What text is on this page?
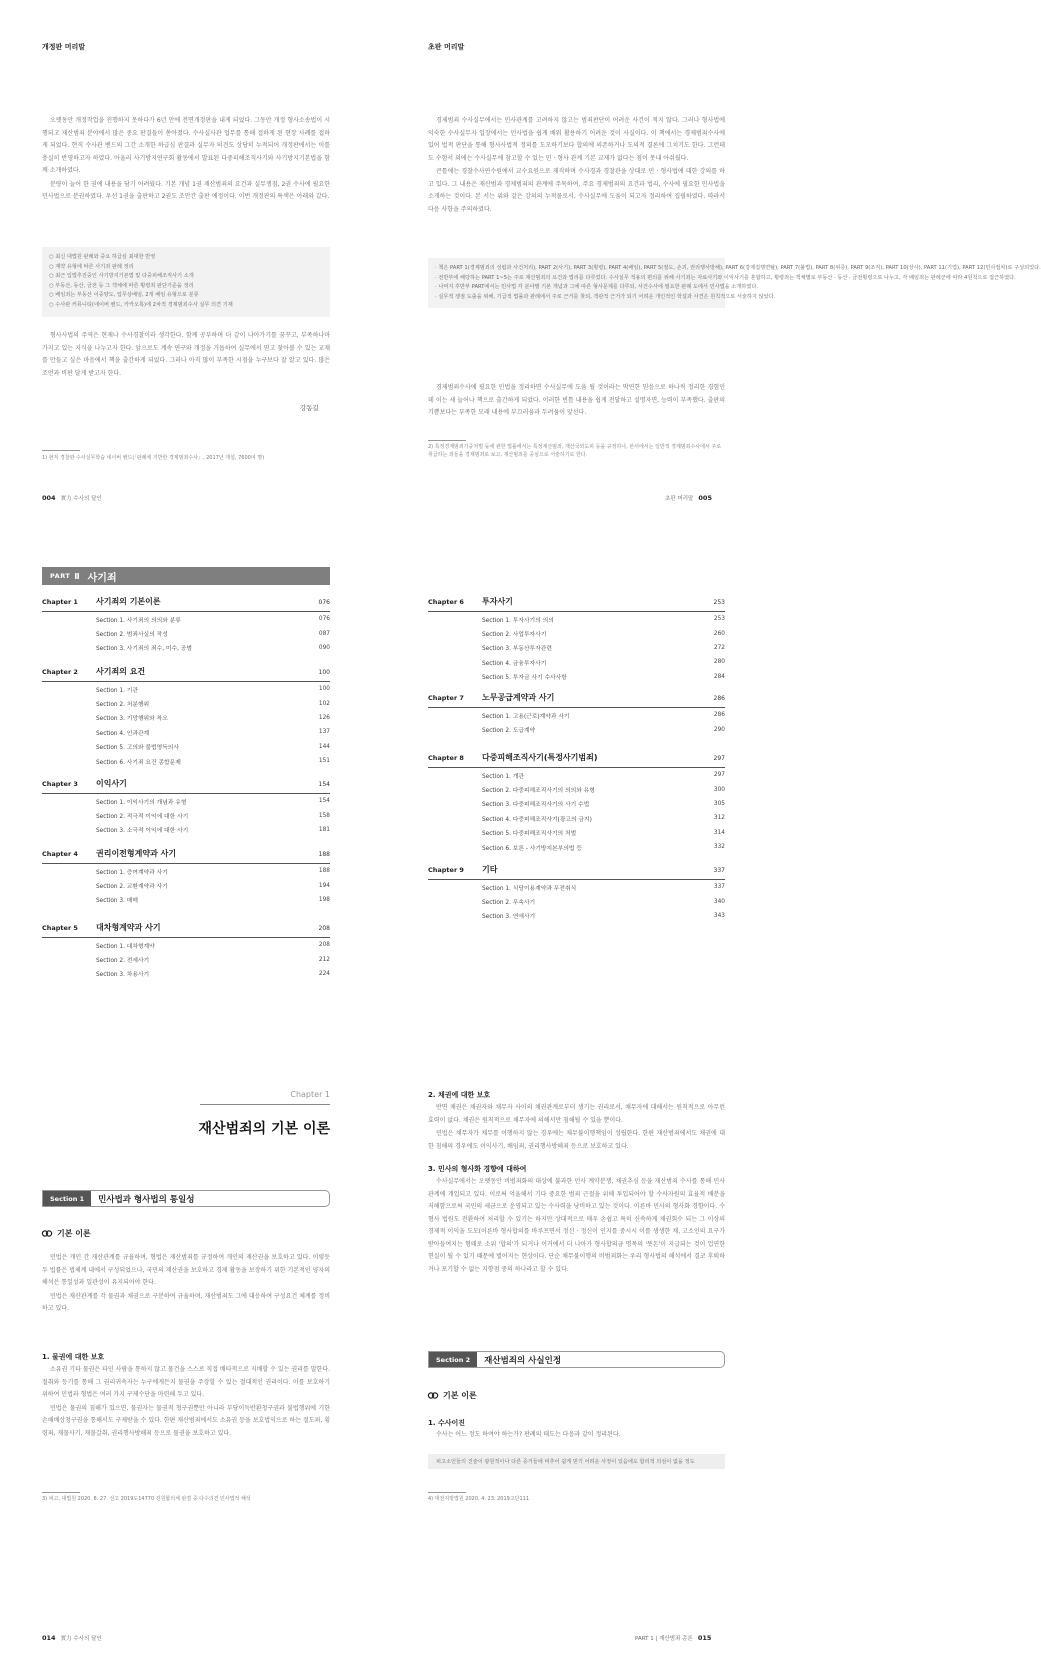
개정판 머리말

오랫동안 개정작업을 진행하지 못하다가 6년 만에 전면개정판을 내게 되었다. 그동안 개정 형사소송법이 시행되고 재산범죄 분야에서 많은 중요 판결들이 쏟아졌다. 수사실사관 업무를 통해 접하게 된 현장 사례를 접하게 되었다. 현직 수사관 밴드의 그간 소개한 하급심 판결과 실무자 의견도 상당히 누적되어 개정판에서는 이를 충실히 반영하고자 하였다. 아울러 사기방지연구회 활동에서 발표된 다중피해조직사기와 사기방지기본법을 함께 소개하였다.

분량이 늘어 한 권에 내용을 담기 어려웠다. 기본 개념 1권 재산범죄의 요건과 실무쟁점, 2권 수사에 필요한 민사법으로 분권하였다. 우선 1권을 출판하고 2권도 조만간 출판 예정이다. 이번 개정판의 특색은 아래와 같다.

○ 최신 대법원 판례와 중요 하급심 최대한 반영
○ 계약 유형에 따른 사기죄 판례 정리
○ 최근 입법추진중인 사기방지기본법 및 다중피해조직사기 소개
○ 부동산, 동산, 금전 등 그 객체에 따른 횡령죄 판단기준을 정리
○ 배임죄는 부동산 이중양도, 업무상배임, 2개 배임 유형으로 분류
○ 수사관 커뮤니티(네이버 밴드, 카카오톡)에 2차적 경제범죄수사 실무 의견 기재

형사사법의 주역은 현재나 수사경찰이라 생각한다. 함께 공부하며 더 같이 나아가기를 꿈꾸고, 부족하나마 가지고 있는 지식을 나누고자 한다. 앞으로도 계속 연구와 개정을 거듭하여 실무에서 믿고 찾아볼 수 있는 교재를 만들고 싶은 마음에서 책을 출간하게 되었다. 그러나 아직 많이 부족한 시점을 누구보다 잘 알고 있다. 많은 조언과 비판 달게 받고자 한다.

강동길
1) 현직 경찰관 수사실무학습 네이버 밴드(「판례에 기반한 경제범죄수사」, 2017년 개설, 7600여 명)
004 實力 수사의 달인
초판 머리말

경제범죄 수사실무에서는 민사관계를 고려하지 않고는 범죄판단이 어려운 사건이 적지 않다. 그러나 형사법에 익숙한 수사실무자 입장에서는 민사법을 쉽게 배워 활용하기 어려운 것이 사실이다. 이 책에서는 경제범죄수사에 있어 법적 판단을 통해 형사사법적 정의를 도모하기보다 합의에 의존하거나 도의적 결론에 그치기도 한다. 그런데도 수험서 외에는 수사실무에 참고할 수 있는 민 · 형사 관계 기본 교재가 없다는 점이 못내 아쉬웠다.

큰틀에는 경찰수사연수원에서 교수요원으로 재직하며 수사경과 경찰관을 상대로 민 · 형사법에 대한 강의를 하고 있다. 그 내용은 재산범과 경제범죄의 관계에 주목하여, 주요 경제범죄의 요건과 법리, 수사에 필요한 민사법을 소개하는 것이다. 본 서는 위와 같은 강의의 누적물로서, 수사실무에 도움이 되고자 정리하여 집필하였다. 따라서 다음 사항을 주의하였다.

· 책은 PART 1(경제범죄의 성립과 사건처리), PART 2(사기), PART 3(횡령), PART 4(배임), PART 5(절도, 손괴, 권리행사방해), PART 6(강제집행면탈), PART 7(불법), PART 8(위증), PART 9(조직), PART 10(상사), PART 11(기업), PART 12(민사절차)로 구성되었다.
· 전반부에 해당하는 PART 1~5는 주로 재산범죄의 요건과 법리를 다루었다. 수사실무 적용의 편의를 위해 사기죄는 자료사기와 이익사기를 혼합하고, 횡령죄는 객체별로 부동산 · 동산 · 금전횡령으로 나누고, 각 배임죄는 판례군에 따라 4원칙으로 접근하였다.
· 나머지 후반부 PART에서는 민사법 각 분야별 기본 개념과 그에 따른 형사문제를 다루되, 사건수사에 필요한 판례 도에서 민사법을 소개하였다.
· 실무적 쟁점 도출을 위해, 기급적 법률과 판례에서 주로 근거를 찾되, 객관적 근거가 되기 어려운 개인적인 학설과 사견은 원칙적으로 서술하지 않았다.

경제범죄수사에 필요한 민법을 정리하면 수사실무에 도움 될 것이라는 막연한 믿음으로 하나씩 정리한 경험인데 이는 세 늘어나 책으로 출간하게 되었다. 이러한 빈틈 내용을 쉽게 전달하고 설명자면, 능력이 부족했다. 출판의 기쁨보다는 부족한 모래 내용에 부끄러움과 두려움이 앞선다.

2) 특정경제범죄가중처벌 등에 관한 법률에서는 특정재산범죄, 재산국외도피 등을 규정하나, 본서에서는 일반적 경제범죄수사에서 주로 취급하는 죄들을 경제범죄로 보고, 재산범죄를 중심으로 서술하기로 한다.
초판 머리말 005
PART Ⅱ 사기죄
Chapter 1	사기죄의 기본이론	076
Section 1. 사기죄의 의의와 분류	076
Section 2. 범죄사실의 작성	087
Section 3. 사기죄의 죄수, 미수, 공범	090
Chapter 2	사기죄의 요건	100
Section 1. 기관	100
Section 2. 처분행위	102
Section 3. 기망행위와 착오	126
Section 4. 인과관계	137
Section 5. 고의와 불법영득의사	144
Section 6. 사기죄 요건 종합문제	151
Chapter 3	이익사기	154
Section 1. 이익사기의 개념과 유형	154
Section 2. 적극적 이익에 대한 사기	158
Section 3. 소극적 이익에 대한 사기	181
Chapter 4	권리이전형계약과 사기	188
Section 1. 증여계약과 사기	188
Section 2. 교환계약과 사기	194
Section 3. 매매	198
Chapter 5	대차형계약과 사기	208
Section 1. 대차형계약	208
Section 2. 전세사기	212
Section 3. 차용사기	224
Chapter 6	투자사기	253
Section 1. 투자사기의 의의	253
Section 2. 사업투자사기	260
Section 3. 부동산투자관련	272
Section 4. 금융투자사기	280
Section 5. 투자금 사기 수사사항	284
Chapter 7	노무공급계약과 사기	286
Section 1. 고용(근로)계약과 사기	286
Section 2. 도급계약	290
Chapter 8	다중피해조직사기(특정사기범죄)	297
Section 1. 개관	297
Section 2. 다중피해조직사기의 의의와 유형	300
Section 3. 다중피해조직사기의 사기 수법	305
Section 4. 다중피해조직사기(광고의 금지)	312
Section 5. 다중피해조직사기의 처벌	314
Section 6. 보론 - 사기방지본부의법 등	332
Chapter 9	기타	337
Section 1. 식당이용계약과 무전취식	337
Section 2. 무속사기	340
Section 3. 연애사기	343
Chapter 1
재산범죄의 기본 이론
Section 1	민사법과 형사법의 통일성
기본 이론

민법은 개인 간 재산관계를 규율하며, 형법은 재산범죄를 규정하여 개인의 재산권을 보호하고 있다. 이렇듯 두 법률은 법체계 내에서 구성되었으나, 국민의 재산권을 보호하고 경제 활동을 보장하기 위한 기본적인 양자의 해석은 통일성과 일관성이 유지되어야 한다.

민법은 재산관계를 각 물권과 채권으로 구분하여 규율하며, 재산범죄도 그에 대응하여 구성요건 체계를 정비하고 있다.

1. 물권에 대한 보호

소유권 기타 물권은 타인 사람을 통하지 않고 물건을 스스로 직접 배타적으로 지배할 수 있는 권리를 말한다. 절취와 등기를 통해 그 권리귀속자는 누구에게든지 물권을 주장할 수 있는 절대적인 권리이다. 이를 보호하기 위하여 민법과 형법은 여러 가지 구제수단을 마련해 두고 있다.

민법은 물권의 침해가 있으면, 물권자는 물권적 청구권뿐만 아니라 부당이득반환청구권과 불법행위에 기한 손해배상청구권을 통해서도 구제받을 수 있다. 한편 재산범죄에서도 소유권 등을 보호법익으로 하는 절도죄, 횡령죄, 재물사기, 재물갈취, 권리행사방해죄 등으로 물권을 보호하고 있다.

3) 피고, 대법원 2020. 8. 27. 선고 2019도14770 전원합의체 판결 중 다수의견 민사법적 해석
014 實力 수사의 달인
2. 채권에 대한 보호

반면 채권은 채권자와 채무자 사이의 채권관계로부터 생기는 권리로서, 채무자에 대해서는 원칙적으로 아무런 효력이 없다. 채권은 원칙적으로 채무자에 의해서만 침해될 수 있을 뿐이다.

민법은 채무자가 채무를 이행하지 않는 경우에는 채무불이행책임이 성립한다. 한편 재산범죄에서도 채권에 대한 침해의 경우에도 이익사기, 배임죄, 권리행사방해죄 등으로 보호하고 있다.

3. 민사의 형사화 경향에 대하여

수사실무에서는 오랫동안 비범죄화의 대상에 불과한 민사 계약분쟁, 채권추심 등을 재산범죄 수사를 통해 민사관계에 개입되고 있다. 이로써 억울해서 기다 중요한 범죄 근절을 위해 투입되어야 할 수사자원의 효율적 배분을 저해함으로써 국민의 세금으로 운영되고 있는 수사력을 낭비하고 있는 것이다. 이른바 민사의 형사화 경향이다. 수 형사 법원도 전환하여 처리할 수 있기는 하지만 상대적으로 매우 손쉽고 특히 신속하게 채권회수 되는 그 이상의 경제적 이익을 도모(이른바 형사합의를 바루프면서 정신 · 정신이 인지를 중시시 이를 생생한 채, 고소인의 요구가 받아들여지는 형태로 소위 '합의'가 되거나 이거에서 더 나아가 형사합의금 명목의 '뜻돈'이 지급되는 것이 업연한 현실이 될 수 있기 때문에 벌어지는 현상이다. 단순 채무불이행의 비범죄화는 우리 형사법의 해석에서 결코 후퇴하거나 포기할 수 없는 지향점 중의 하나라고 할 수 있다.

Section 2	재산범죄의 사실인정
기본 이론
1. 수사이진

수사는 어느 정도 하여야 하는가? 판례의 태도는 다음과 같이 정리된다.

피고소인들의 진술이 광원적이나 다른 증거들에 비추어 쉽게 믿기 어려운 사정이 있음에도 합리적 의심이 없을 정도
4) 대전지방법원 2020. 4. 23. 2019고단111
PART 1 | 재산범죄 총론 015
